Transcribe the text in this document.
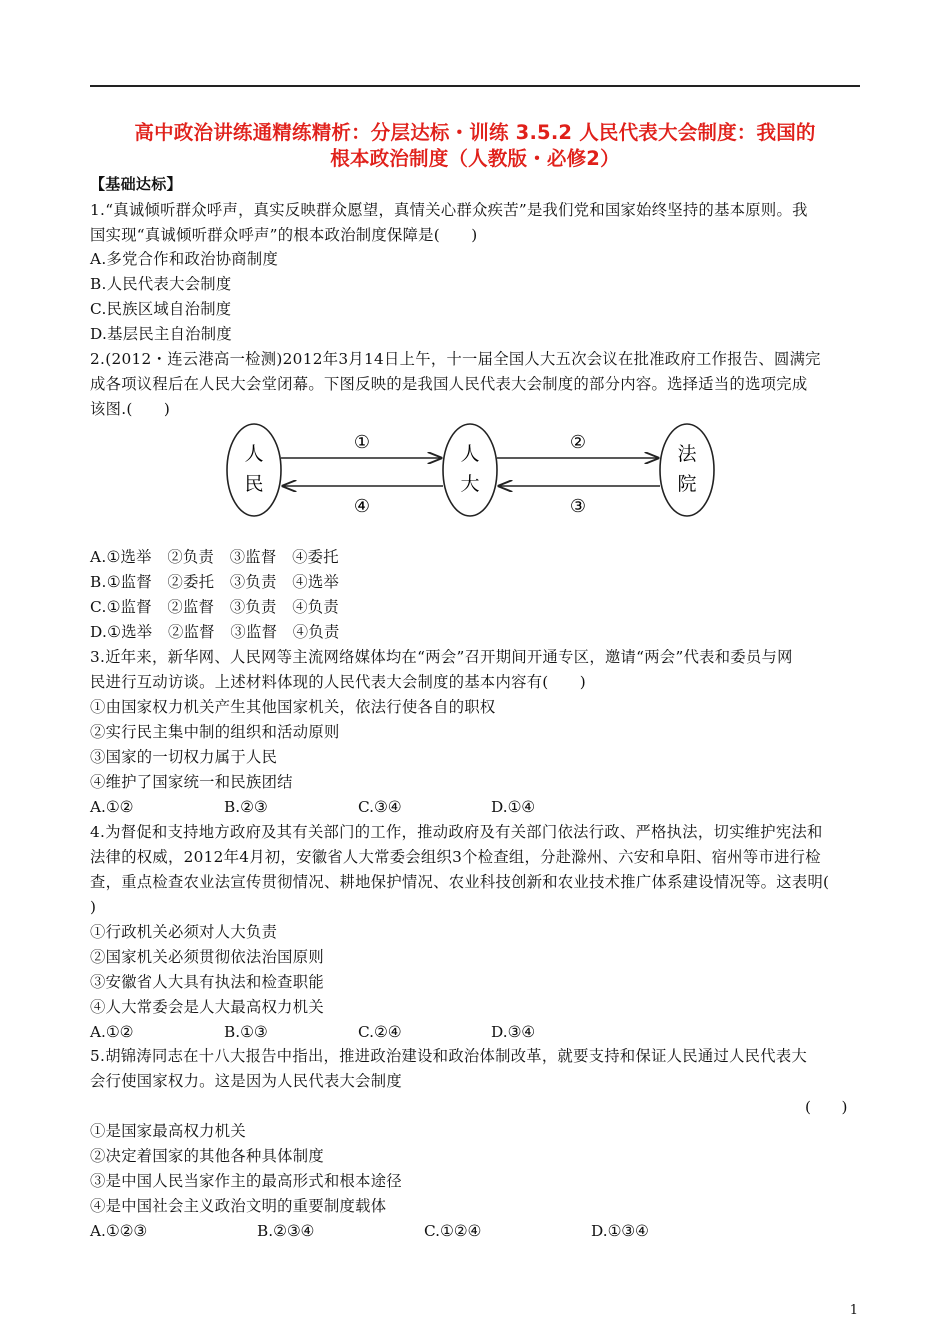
高中政治讲练通精练精析：分层达标・训练 3.5.2 人民代表大会制度：我国的
根本政治制度（人教版・必修2）
【基础达标】
1.“真诚倾听群众呼声，真实反映群众愿望，真情关心群众疾苦”是我们党和国家始终坚持的基本原则。我
国实现“真诚倾听群众呼声”的根本政治制度保障是(　　)
A.多党合作和政治协商制度
B.人民代表大会制度
C.民族区域自治制度
D.基层民主自治制度
2.(2012・连云港高一检测)2012年3月14日上午，十一届全国人大五次会议在批准政府工作报告、圆满完
成各项议程后在人民大会堂闭幕。下图反映的是我国人民代表大会制度的部分内容。选择适当的选项完成
该图.(　　)
人
民
人
大
法
院
①	②
③
④
A.①选举　②负责　③监督　④委托
B.①监督　②委托　③负责　④选举
C.①监督　②监督　③负责　④负责
D.①选举　②监督　③监督　④负责
3.近年来，新华网、人民网等主流网络媒体均在“两会”召开期间开通专区，邀请“两会”代表和委员与网
民进行互动访谈。上述材料体现的人民代表大会制度的基本内容有(　　)
①由国家权力机关产生其他国家机关，依法行使各自的职权
②实行民主集中制的组织和活动原则
③国家的一切权力属于人民
④维护了国家统一和民族团结
A.①②	B.②③	C.③④	D.①④
4.为督促和支持地方政府及其有关部门的工作，推动政府及有关部门依法行政、严格执法，切实维护宪法和
法律的权威，2012年4月初，安徽省人大常委会组织3个检查组，分赴滁州、六安和阜阳、宿州等市进行检
查，重点检查农业法宣传贯彻情况、耕地保护情况、农业科技创新和农业技术推广体系建设情况等。这表明(
)
①行政机关必须对人大负责
②国家机关必须贯彻依法治国原则
③安徽省人大具有执法和检查职能
④人大常委会是人大最高权力机关
A.①②	B.①③	C.②④	D.③④
5.胡锦涛同志在十八大报告中指出，推进政治建设和政治体制改革，就要支持和保证人民通过人民代表大
会行使国家权力。这是因为人民代表大会制度
(　　)
①是国家最高权力机关
②决定着国家的其他各种具体制度
③是中国人民当家作主的最高形式和根本途径
④是中国社会主义政治文明的重要制度载体
A.①②③	B.②③④	C.①②④	D.①③④
1
